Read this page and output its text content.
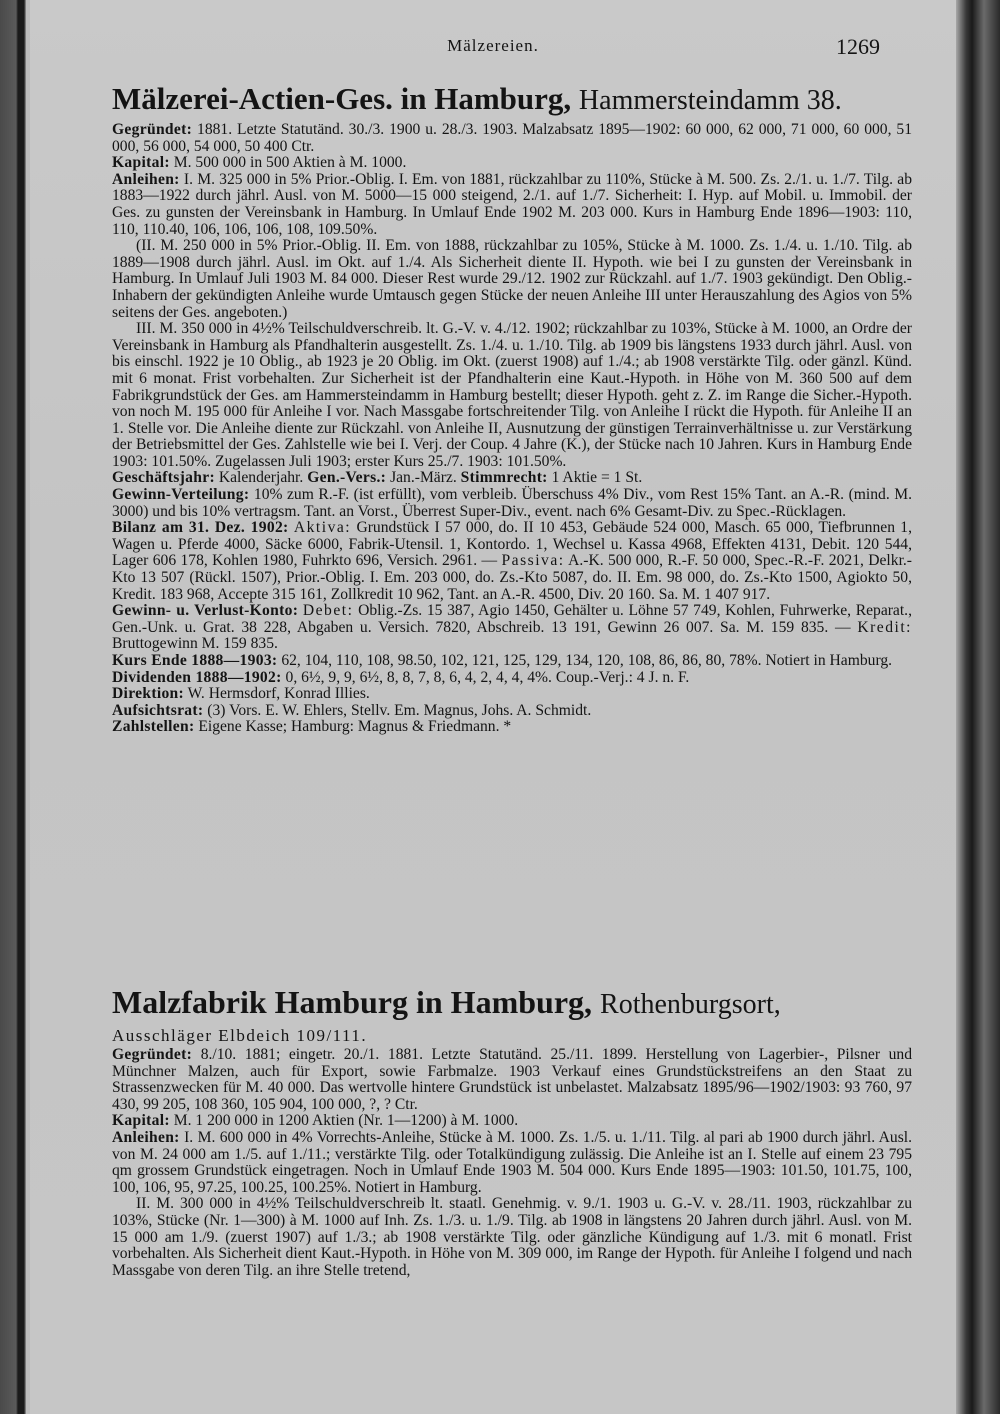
Mälzereien.	1269
Mälzerei-Actien-Ges. in Hamburg, Hammersteindamm 38.

Gegründet: 1881. Letzte Statutänd. 30./3. 1900 u. 28./3. 1903. Malzabsatz 1895—1902: 60 000, 62 000, 71 000, 60 000, 51 000, 56 000, 54 000, 50 400 Ctr.

Kapital: M. 500 000 in 500 Aktien à M. 1000.

Anleihen: I. M. 325 000 in 5% Prior.-Oblig. I. Em. von 1881, rückzahlbar zu 110%, Stücke à M. 500. Zs. 2./1. u. 1./7. Tilg. ab 1883—1922 durch jährl. Ausl. von M. 5000—15 000 steigend, 2./1. auf 1./7. Sicherheit: I. Hyp. auf Mobil. u. Immobil. der Ges. zu gunsten der Vereinsbank in Hamburg. In Umlauf Ende 1902 M. 203 000. Kurs in Hamburg Ende 1896—1903: 110, 110, 110.40, 106, 106, 106, 108, 109.50%.

(II. M. 250 000 in 5% Prior.-Oblig. II. Em. von 1888, rückzahlbar zu 105%, Stücke à M. 1000. Zs. 1./4. u. 1./10. Tilg. ab 1889—1908 durch jährl. Ausl. im Okt. auf 1./4. Als Sicherheit diente II. Hypoth. wie bei I zu gunsten der Vereinsbank in Hamburg. In Umlauf Juli 1903 M. 84 000. Dieser Rest wurde 29./12. 1902 zur Rückzahl. auf 1./7. 1903 gekündigt. Den Oblig.-Inhabern der gekündigten Anleihe wurde Umtausch gegen Stücke der neuen Anleihe III unter Herauszahlung des Agios von 5% seitens der Ges. angeboten.)

III. M. 350 000 in 4½% Teilschuldverschreib. lt. G.-V. v. 4./12. 1902; rückzahlbar zu 103%, Stücke à M. 1000, an Ordre der Vereinsbank in Hamburg als Pfandhalterin ausgestellt. Zs. 1./4. u. 1./10. Tilg. ab 1909 bis längstens 1933 durch jährl. Ausl. von bis einschl. 1922 je 10 Oblig., ab 1923 je 20 Oblig. im Okt. (zuerst 1908) auf 1./4.; ab 1908 verstärkte Tilg. oder gänzl. Künd. mit 6 monat. Frist vorbehalten. Zur Sicherheit ist der Pfandhalterin eine Kaut.-Hypoth. in Höhe von M. 360 500 auf dem Fabrikgrundstück der Ges. am Hammersteindamm in Hamburg bestellt; dieser Hypoth. geht z. Z. im Range die Sicher.-Hypoth. von noch M. 195 000 für Anleihe I vor. Nach Massgabe fortschreitender Tilg. von Anleihe I rückt die Hypoth. für Anleihe II an 1. Stelle vor. Die Anleihe diente zur Rückzahl. von Anleihe II, Ausnutzung der günstigen Terrainverhältnisse u. zur Verstärkung der Betriebsmittel der Ges. Zahlstelle wie bei I. Verj. der Coup. 4 Jahre (K.), der Stücke nach 10 Jahren. Kurs in Hamburg Ende 1903: 101.50%. Zugelassen Juli 1903; erster Kurs 25./7. 1903: 101.50%.

Geschäftsjahr: Kalenderjahr. Gen.-Vers.: Jan.-März. Stimmrecht: 1 Aktie = 1 St.

Gewinn-Verteilung: 10% zum R.-F. (ist erfüllt), vom verbleib. Überschuss 4% Div., vom Rest 15% Tant. an A.-R. (mind. M. 3000) und bis 10% vertragsm. Tant. an Vorst., Überrest Super-Div., event. nach 6% Gesamt-Div. zu Spec.-Rücklagen.

Bilanz am 31. Dez. 1902: Aktiva: Grundstück I 57 000, do. II 10 453, Gebäude 524 000, Masch. 65 000, Tiefbrunnen 1, Wagen u. Pferde 4000, Säcke 6000, Fabrik-Utensil. 1, Kontordo. 1, Wechsel u. Kassa 4968, Effekten 4131, Debit. 120 544, Lager 606 178, Kohlen 1980, Fuhrkto 696, Versich. 2961. — Passiva: A.-K. 500 000, R.-F. 50 000, Spec.-R.-F. 2021, Delkr.-Kto 13 507 (Rückl. 1507), Prior.-Oblig. I. Em. 203 000, do. Zs.-Kto 5087, do. II. Em. 98 000, do. Zs.-Kto 1500, Agiokto 50, Kredit. 183 968, Accepte 315 161, Zollkredit 10 962, Tant. an A.-R. 4500, Div. 20 160. Sa. M. 1 407 917.

Gewinn- u. Verlust-Konto: Debet: Oblig.-Zs. 15 387, Agio 1450, Gehälter u. Löhne 57 749, Kohlen, Fuhrwerke, Reparat., Gen.-Unk. u. Grat. 38 228, Abgaben u. Versich. 7820, Abschreib. 13 191, Gewinn 26 007. Sa. M. 159 835. — Kredit: Bruttogewinn M. 159 835.

Kurs Ende 1888—1903: 62, 104, 110, 108, 98.50, 102, 121, 125, 129, 134, 120, 108, 86, 86, 80, 78%. Notiert in Hamburg.

Dividenden 1888—1902: 0, 6½, 9, 9, 6½, 8, 8, 7, 8, 6, 4, 2, 4, 4, 4%. Coup.-Verj.: 4 J. n. F.

Direktion: W. Hermsdorf, Konrad Illies.

Aufsichtsrat: (3) Vors. E. W. Ehlers, Stellv. Em. Magnus, Johs. A. Schmidt.

Zahlstellen: Eigene Kasse; Hamburg: Magnus & Friedmann. *

Malzfabrik Hamburg in Hamburg, Rothenburgsort,

Ausschläger Elbdeich 109/111.

Gegründet: 8./10. 1881; eingetr. 20./1. 1881. Letzte Statutänd. 25./11. 1899. Herstellung von Lagerbier-, Pilsner und Münchner Malzen, auch für Export, sowie Farbmalze. 1903 Verkauf eines Grundstückstreifens an den Staat zu Strassenzwecken für M. 40 000. Das wertvolle hintere Grundstück ist unbelastet. Malzabsatz 1895/96—1902/1903: 93 760, 97 430, 99 205, 108 360, 105 904, 100 000, ?, ? Ctr.

Kapital: M. 1 200 000 in 1200 Aktien (Nr. 1—1200) à M. 1000.

Anleihen: I. M. 600 000 in 4% Vorrechts-Anleihe, Stücke à M. 1000. Zs. 1./5. u. 1./11. Tilg. al pari ab 1900 durch jährl. Ausl. von M. 24 000 am 1./5. auf 1./11.; verstärkte Tilg. oder Totalkündigung zulässig. Die Anleihe ist an I. Stelle auf einem 23 795 qm grossem Grundstück eingetragen. Noch in Umlauf Ende 1903 M. 504 000. Kurs Ende 1895—1903: 101.50, 101.75, 100, 100, 106, 95, 97.25, 100.25, 100.25%. Notiert in Hamburg.

II. M. 300 000 in 4½% Teilschuldverschreib lt. staatl. Genehmig. v. 9./1. 1903 u. G.-V. v. 28./11. 1903, rückzahlbar zu 103%, Stücke (Nr. 1—300) à M. 1000 auf Inh. Zs. 1./3. u. 1./9. Tilg. ab 1908 in längstens 20 Jahren durch jährl. Ausl. von M. 15 000 am 1./9. (zuerst 1907) auf 1./3.; ab 1908 verstärkte Tilg. oder gänzliche Kündigung auf 1./3. mit 6 monatl. Frist vorbehalten. Als Sicherheit dient Kaut.-Hypoth. in Höhe von M. 309 000, im Range der Hypoth. für Anleihe I folgend und nach Massgabe von deren Tilg. an ihre Stelle tretend,
